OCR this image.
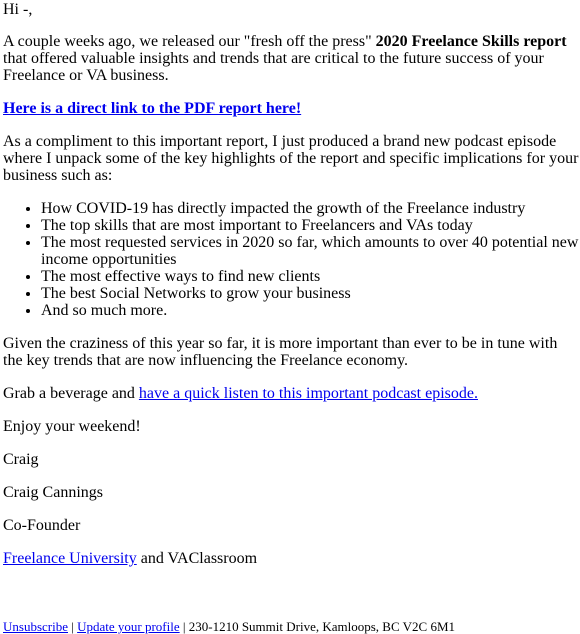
Hi -,

A couple weeks ago, we released our "fresh off the press" 2020 Freelance Skills report that offered valuable insights and trends that are critical to the future success of your Freelance or VA business.

Here is a direct link to the PDF report here!

As a compliment to this important report, I just produced a brand new podcast episode where I unpack some of the key highlights of the report and specific implications for your business such as:

• How COVID-19 has directly impacted the growth of the Freelance industry
• The top skills that are most important to Freelancers and VAs today
• The most requested services in 2020 so far, which amounts to over 40 potential new income opportunities
• The most effective ways to find new clients
• The best Social Networks to grow your business
• And so much more.

Given the craziness of this year so far, it is more important than ever to be in tune with the key trends that are now influencing the Freelance economy.

Grab a beverage and have a quick listen to this important podcast episode.

Enjoy your weekend!

Craig

Craig Cannings

Co-Founder

Freelance University and VAClassroom

Unsubscribe | Update your profile | 230-1210 Summit Drive, Kamloops, BC V2C 6M1
